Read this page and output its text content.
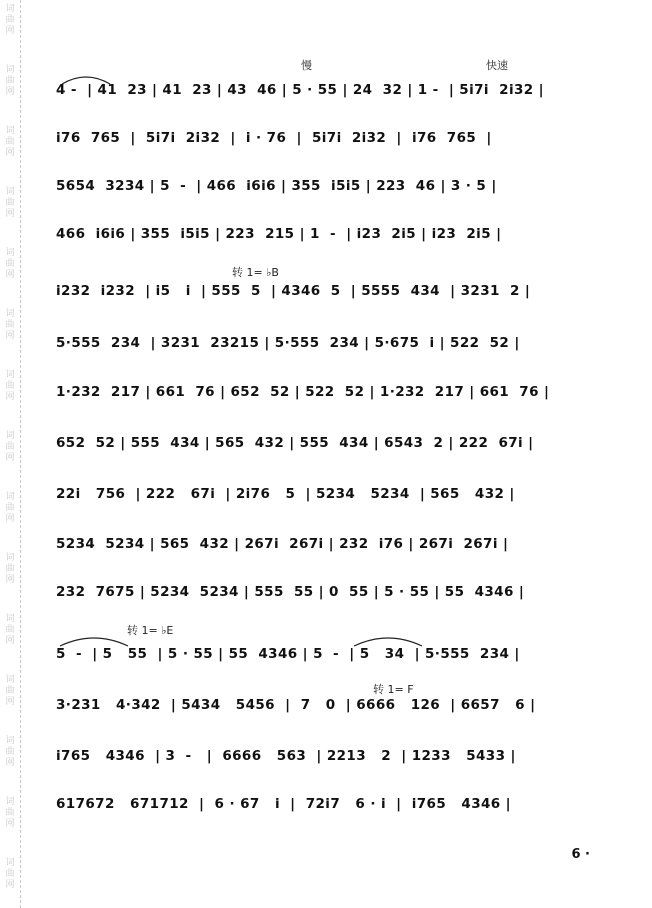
词
曲
网
词
曲
网
词
曲
网
词
曲
网
词
曲
网
词
曲
网
词
曲
网
词
曲
网
词
曲
网
词
曲
网
词
曲
网
词
曲
网
词
曲
网
词
曲
网
词
曲
网
慢	快速
转 1= ♭B
转 1= ♭E
转 1= F
4 -  | 41  23 | 41  23 | 43  46 | 5 · 55 | 24  32 | 1 -  | 5i7i  2i32 |
i76  765  |  5i7i  2i32  |  i · 76  |  5i7i  2i32  |  i76  765  |
5654  3234 | 5  -  | 466  i6i6 | 355  i5i5 | 223  46 | 3 · 5 |
466  i6i6 | 355  i5i5 | 223  215 | 1  -  | i23  2i5 | i23  2i5 |
i232  i232  | i5   i  | 555  5  | 4346  5  | 5555  434  | 3231  2 |
5·555  234  | 3231  23215 | 5·555  234 | 5·675  i | 522  52 |
1·232  217 | 661  76 | 652  52 | 522  52 | 1·232  217 | 661  76 |
652  52 | 555  434 | 565  432 | 555  434 | 6543  2 | 222  67i |
22i   756  | 222   67i  | 2i76   5  | 5234   5234  | 565   432 |
5234  5234 | 565  432 | 267i  267i | 232  i76 | 267i  267i |
232  7675 | 5234  5234 | 555  55 | 0  55 | 5 · 55 | 55  4346 |
5  -  | 5   55  | 5 · 55 | 55  4346 | 5  -  | 5   34  | 5·555  234 |
3·231   4·342  | 5434   5456  |  7   0  | 6666   126  | 6657   6 |
i765   4346  | 3  -   |  6666   563  | 2213   2  | 1233   5433 |
617672   671712  |  6 · 67   i  |  72i7   6 · i  |  i765   4346 |
6 ·
